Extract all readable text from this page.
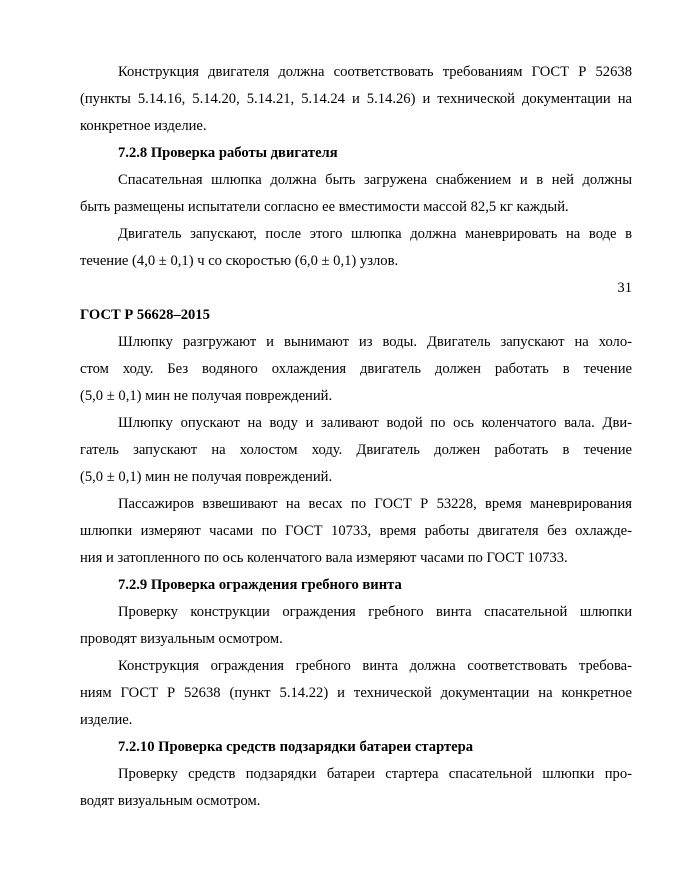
Конструкция двигателя должна соответствовать требованиям ГОСТ Р 52638
(пункты 5.14.16, 5.14.20, 5.14.21, 5.14.24 и 5.14.26) и технической документации на
конкретное изделие.
7.2.8 Проверка работы двигателя
Спасательная шлюпка должна быть загружена снабжением и в ней должны
быть размещены испытатели согласно ее вместимости массой 82,5 кг каждый.
Двигатель запускают, после этого шлюпка должна маневрировать на воде в
течение (4,0 ± 0,1) ч со скоростью (6,0 ± 0,1) узлов.
31
ГОСТ Р 56628–2015
Шлюпку разгружают и вынимают из воды. Двигатель запускают на холо-
стом ходу. Без водяного охлаждения двигатель должен работать в течение
(5,0 ± 0,1) мин не получая повреждений.
Шлюпку опускают на воду и заливают водой по ось коленчатого вала. Дви-
гатель запускают на холостом ходу. Двигатель должен работать в течение
(5,0 ± 0,1) мин не получая повреждений.
Пассажиров взвешивают на весах по ГОСТ Р 53228, время маневрирования
шлюпки измеряют часами по ГОСТ 10733, время работы двигателя без охлажде-
ния и затопленного по ось коленчатого вала измеряют часами по ГОСТ 10733.
7.2.9 Проверка ограждения гребного винта
Проверку конструкции ограждения гребного винта спасательной шлюпки
проводят визуальным осмотром.
Конструкция ограждения гребного винта должна соответствовать требова-
ниям ГОСТ Р 52638 (пункт 5.14.22) и технической документации на конкретное
изделие.
7.2.10 Проверка средств подзарядки батареи стартера
Проверку средств подзарядки батареи стартера спасательной шлюпки про-
водят визуальным осмотром.
